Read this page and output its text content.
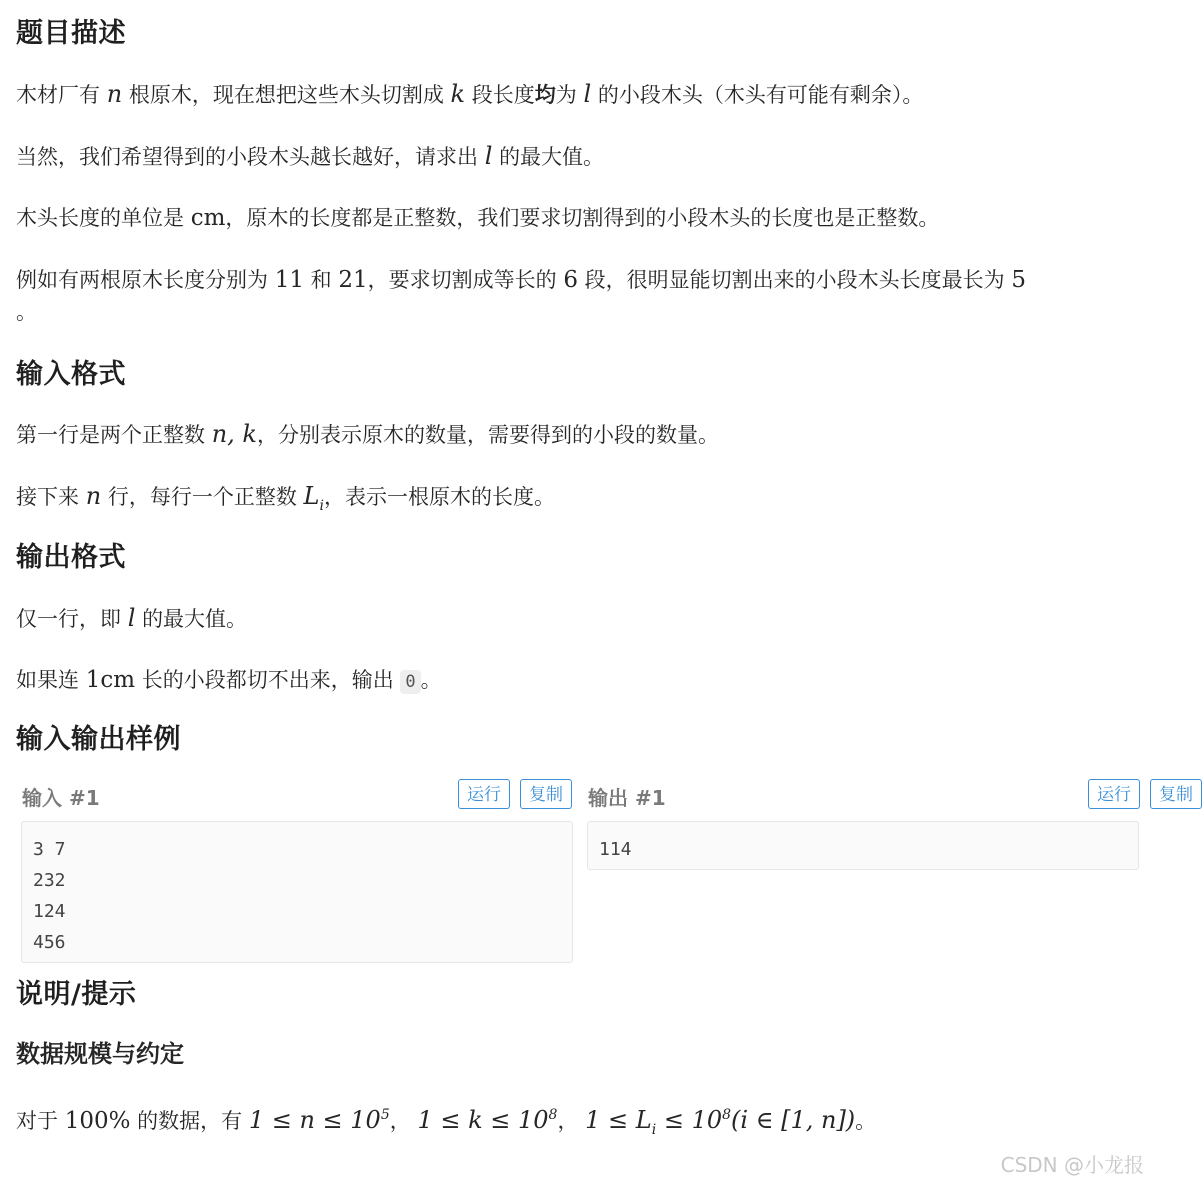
题目描述

木材厂有 n 根原木，现在想把这些木头切割成 k 段长度均为 l 的小段木头（木头有可能有剩余）。

当然，我们希望得到的小段木头越长越好，请求出 l 的最大值。

木头长度的单位是 cm，原木的长度都是正整数，我们要求切割得到的小段木头的长度也是正整数。

例如有两根原木长度分别为 11 和 21，要求切割成等长的 6 段，很明显能切割出来的小段木头长度最长为 5
。

输入格式

第一行是两个正整数 n, k，分别表示原木的数量，需要得到的小段的数量。

接下来 n 行，每行一个正整数 $L_i$，表示一根原木的长度。

输出格式

仅一行，即 l 的最大值。

如果连 1cm 长的小段都切不出来，输出 0 。

输入输出样例
输入 #1	运行	复制
3 7
232
124
456
输出 #1	运行	复制
114
说明/提示
数据规模与约定

对于 100% 的数据，有 $1 \le n \le 10^5$， $1 \le k \le 10^8$， $1 \le L_i \le 10^8(i$ ∈ [1, n])。

CSDN @小龙报
